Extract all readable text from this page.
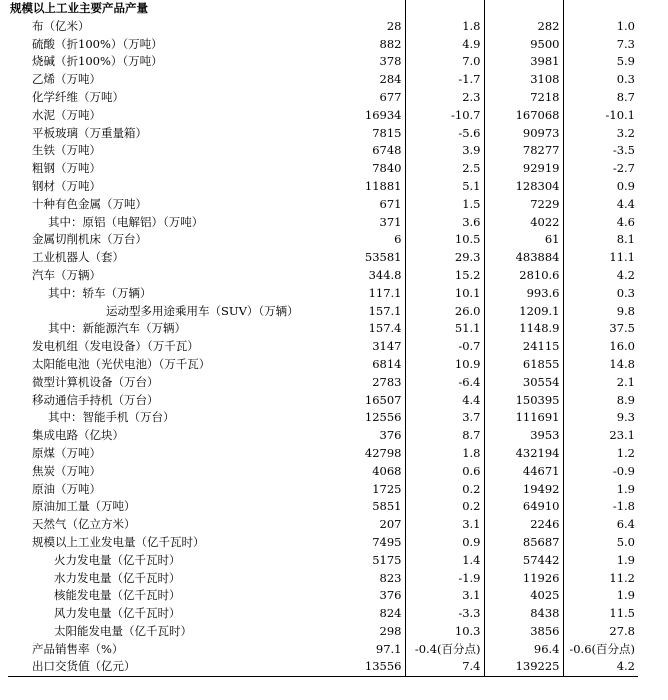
规模以上工业主要产品产量				
布（亿米）	28	1.8	282	1.0
硫酸（折100%）（万吨）	882	4.9	9500	7.3
烧碱（折100%）（万吨）	378	7.0	3981	5.9
乙烯（万吨）	284	-1.7	3108	0.3
化学纤维（万吨）	677	2.3	7218	8.7
水泥（万吨）	16934	-10.7	167068	-10.1
平板玻璃（万重量箱）	7815	-5.6	90973	3.2
生铁（万吨）	6748	3.9	78277	-3.5
粗钢（万吨）	7840	2.5	92919	-2.7
钢材（万吨）	11881	5.1	128304	0.9
十种有色金属（万吨）	671	1.5	7229	4.4
其中：原铝（电解铝）（万吨）	371	3.6	4022	4.6
金属切削机床（万台）	6	10.5	61	8.1
工业机器人（套）	53581	29.3	483884	11.1
汽车（万辆）	344.8	15.2	2810.6	4.2
其中：轿车（万辆）	117.1	10.1	993.6	0.3
运动型多用途乘用车（SUV）（万辆）	157.1	26.0	1209.1	9.8
其中：新能源汽车（万辆）	157.4	51.1	1148.9	37.5
发电机组（发电设备）（万千瓦）	3147	-0.7	24115	16.0
太阳能电池（光伏电池）（万千瓦）	6814	10.9	61855	14.8
微型计算机设备（万台）	2783	-6.4	30554	2.1
移动通信手持机（万台）	16507	4.4	150395	8.9
其中：智能手机（万台）	12556	3.7	111691	9.3
集成电路（亿块）	376	8.7	3953	23.1
原煤（万吨）	42798	1.8	432194	1.2
焦炭（万吨）	4068	0.6	44671	-0.9
原油（万吨）	1725	0.2	19492	1.9
原油加工量（万吨）	5851	0.2	64910	-1.8
天然气（亿立方米）	207	3.1	2246	6.4
规模以上工业发电量（亿千瓦时）	7495	0.9	85687	5.0
火力发电量（亿千瓦时）	5175	1.4	57442	1.9
水力发电量（亿千瓦时）	823	-1.9	11926	11.2
核能发电量（亿千瓦时）	376	3.1	4025	1.9
风力发电量（亿千瓦时）	824	-3.3	8438	11.5
太阳能发电量（亿千瓦时）	298	10.3	3856	27.8
产品销售率（%）	97.1	-0.4(百分点)	96.4	-0.6(百分点)
出口交货值（亿元）	13556	7.4	139225	4.2
